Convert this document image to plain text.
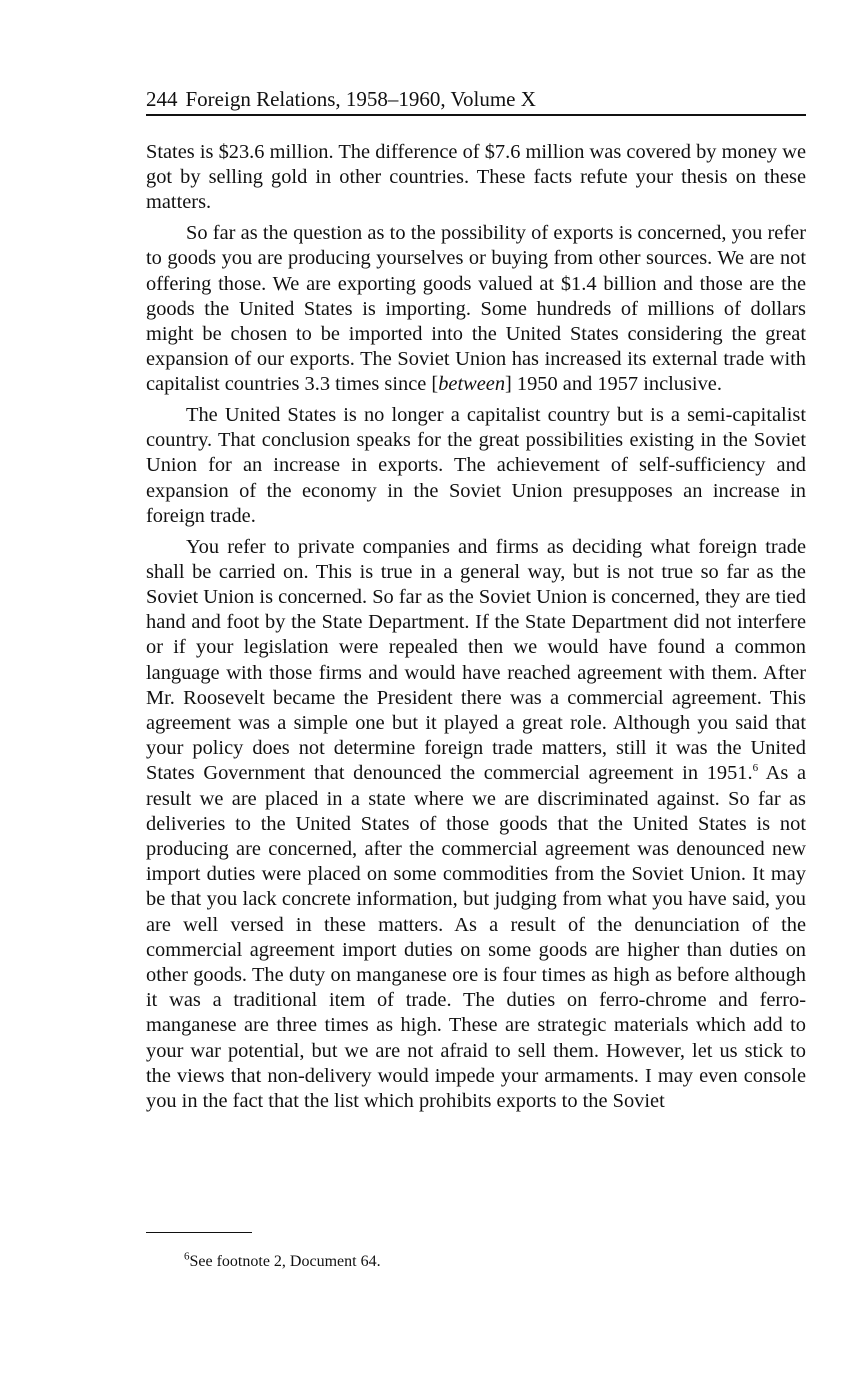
244 Foreign Relations, 1958–1960, Volume X

States is $23.6 million. The difference of $7.6 million was covered by money we got by selling gold in other countries. These facts refute your thesis on these matters.

So far as the question as to the possibility of exports is concerned, you refer to goods you are producing yourselves or buying from other sources. We are not offering those. We are exporting goods valued at $1.4 billion and those are the goods the United States is importing. Some hundreds of millions of dollars might be chosen to be imported into the United States considering the great expansion of our exports. The Soviet Union has increased its external trade with capitalist countries 3.3 times since [between] 1950 and 1957 inclusive.

The United States is no longer a capitalist country but is a semi-capitalist country. That conclusion speaks for the great possibilities existing in the Soviet Union for an increase in exports. The achievement of self-sufficiency and expansion of the economy in the Soviet Union presupposes an increase in foreign trade.

You refer to private companies and firms as deciding what foreign trade shall be carried on. This is true in a general way, but is not true so far as the Soviet Union is concerned. So far as the Soviet Union is concerned, they are tied hand and foot by the State Department. If the State Department did not interfere or if your legislation were repealed then we would have found a common language with those firms and would have reached agreement with them. After Mr. Roosevelt became the President there was a commercial agreement. This agreement was a simple one but it played a great role. Although you said that your policy does not determine foreign trade matters, still it was the United States Government that denounced the commercial agreement in 1951.$^6$ As a result we are placed in a state where we are discriminated against. So far as deliveries to the United States of those goods that the United States is not producing are concerned, after the commercial agreement was denounced new import duties were placed on some commodities from the Soviet Union. It may be that you lack concrete information, but judging from what you have said, you are well versed in these matters. As a result of the denunciation of the commercial agreement import duties on some goods are higher than duties on other goods. The duty on manganese ore is four times as high as before although it was a traditional item of trade. The duties on ferro-chrome and ferro-manganese are three times as high. These are strategic materials which add to your war potential, but we are not afraid to sell them. However, let us stick to the views that non-delivery would impede your armaments. I may even console you in the fact that the list which prohibits exports to the Soviet

$^6$See footnote 2, Document 64.
